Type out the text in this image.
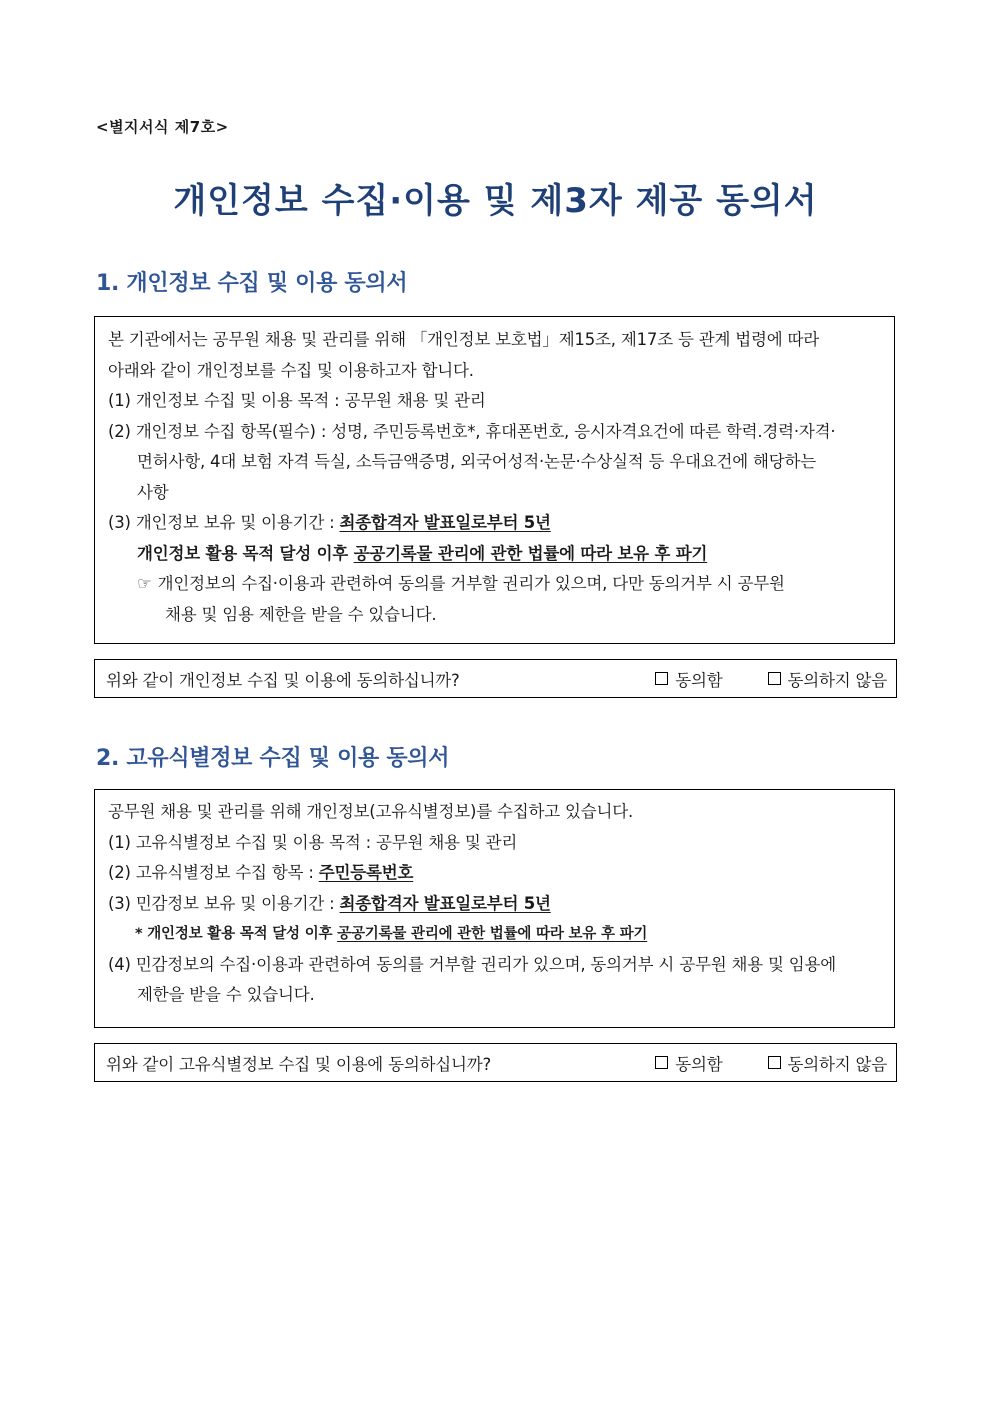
<별지서식 제7호>
개인정보 수집·이용 및 제3자 제공 동의서
1. 개인정보 수집 및 이용 동의서

본 기관에서는 공무원 채용 및 관리를 위해 「개인정보 보호법」제15조, 제17조 등 관계 법령에 따라

아래와 같이 개인정보를 수집 및 이용하고자 합니다.

(1) 개인정보 수집 및 이용 목적 : 공무원 채용 및 관리

(2) 개인정보 수집 항목(필수) : 성명, 주민등록번호*, 휴대폰번호, 응시자격요건에 따른 학력.경력·자격·

면허사항, 4대 보험 자격 득실, 소득금액증명, 외국어성적·논문·수상실적 등 우대요건에 해당하는

사항

(3) 개인정보 보유 및 이용기간 : 최종합격자 발표일로부터 5년

개인정보 활용 목적 달성 이후 공공기록물 관리에 관한 법률에 따라 보유 후 파기

☞ 개인정보의 수집·이용과 관련하여 동의를 거부할 권리가 있으며, 다만 동의거부 시 공무원

채용 및 임용 제한을 받을 수 있습니다.

위와 같이 개인정보 수집 및 이용에 동의하십니까?	동의함	동의하지 않음
2. 고유식별정보 수집 및 이용 동의서

공무원 채용 및 관리를 위해 개인정보(고유식별정보)를 수집하고 있습니다.

(1) 고유식별정보 수집 및 이용 목적 : 공무원 채용 및 관리

(2) 고유식별정보 수집 항목 : 주민등록번호

(3) 민감정보 보유 및 이용기간 : 최종합격자 발표일로부터 5년

* 개인정보 활용 목적 달성 이후 공공기록물 관리에 관한 법률에 따라 보유 후 파기

(4) 민감정보의 수집·이용과 관련하여 동의를 거부할 권리가 있으며, 동의거부 시 공무원 채용 및 임용에

제한을 받을 수 있습니다.

위와 같이 고유식별정보 수집 및 이용에 동의하십니까?	동의함	동의하지 않음
